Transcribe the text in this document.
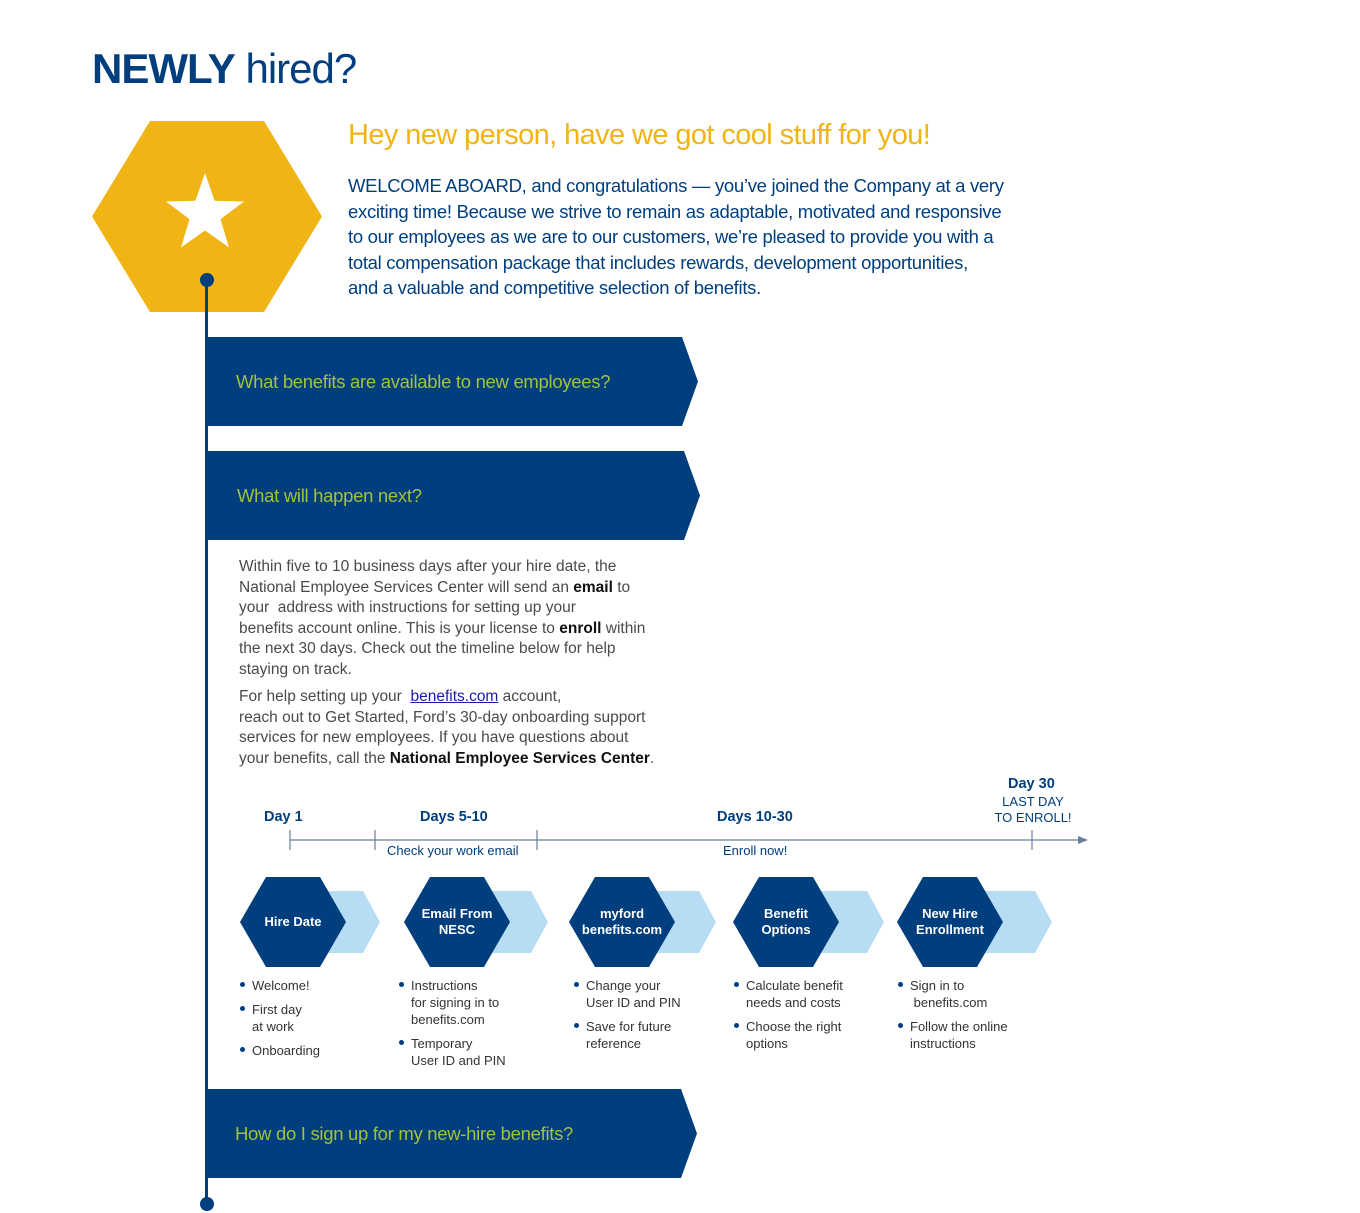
NEWLY hired?
Hey new person, have we got cool stuff for you!
WELCOME ABOARD, and congratulations — you’ve joined the Company at a very
exciting time! Because we strive to remain as adaptable, motivated and responsive
to our employees as we are to our customers, we’re pleased to provide you with a
total compensation package that includes rewards, development opportunities,
and a valuable and competitive selection of benefits.
What benefits are available to new employees?
What will happen next?
Within five to 10 business days after your hire date, the
National Employee Services Center will send an email to
your  address with instructions for setting up your
benefits account online. This is your license to enroll within
the next 30 days. Check out the timeline below for help
staying on track.
For help setting up your  benefits.com account,
reach out to Get Started, Ford’s 30-day onboarding support
services for new employees. If you have questions about
your benefits, call the National Employee Services Center.
Day 1	Days 5-10	Days 10-30
Day 30
LAST DAY
TO ENROLL!
Check your work email	Enroll now!
Hire Date
Email From
NESC
myford
benefits.com
Benefit
Options
New Hire
Enrollment
Welcome!
First day
at work
Onboarding
Instructions
for signing in to
benefits.com
Temporary
User ID and PIN
Change your
User ID and PIN
Save for future
reference
Calculate benefit
needs and costs
Choose the right
options
Sign in to
benefits.com
Follow the online
instructions
How do I sign up for my new-hire benefits?
